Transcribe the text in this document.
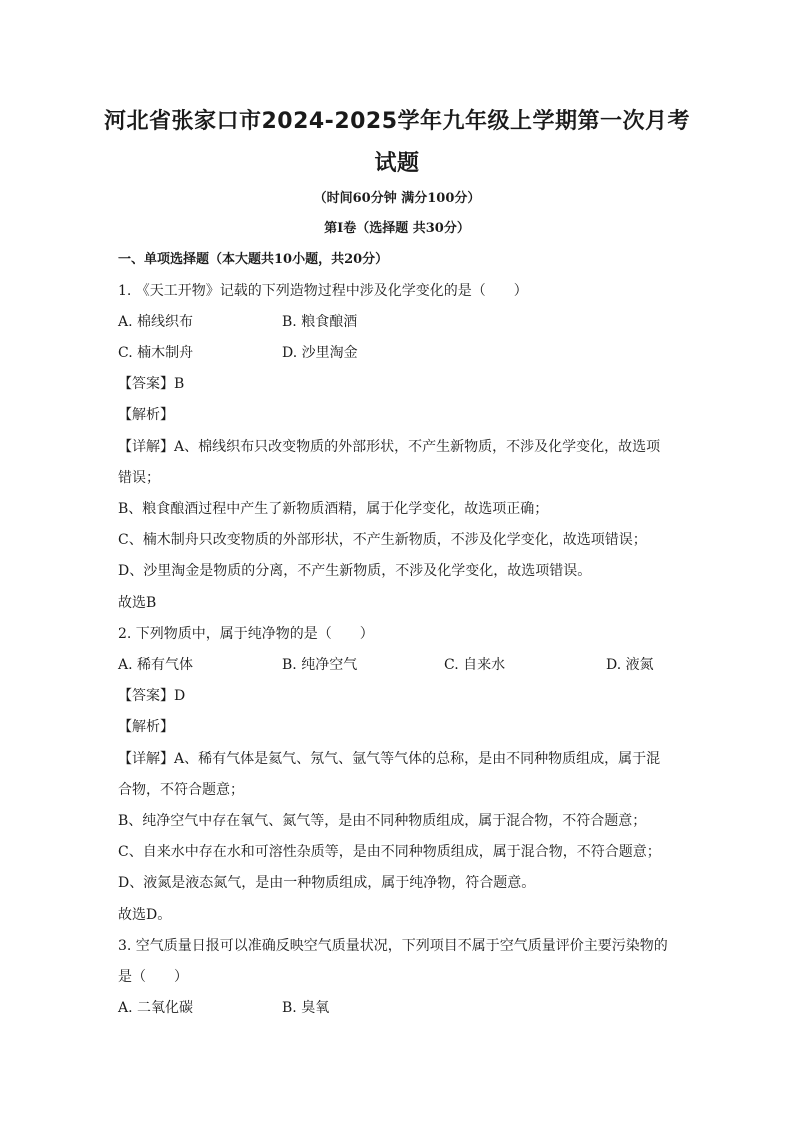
河北省张家口市2024-2025学年九年级上学期第一次月考
试题
（时间60分钟 满分100分）
第Ⅰ卷（选择题 共30分）
一、单项选择题（本大题共10小题，共20分）
1. 《天工开物》记载的下列造物过程中涉及化学变化的是（　　）
A. 棉线织布	B. 粮食酿酒
C. 楠木制舟	D. 沙里淘金
【答案】B
【解析】
【详解】A、棉线织布只改变物质的外部形状，不产生新物质，不涉及化学变化，故选项
错误；
B、粮食酿酒过程中产生了新物质酒精，属于化学变化，故选项正确；
C、楠木制舟只改变物质的外部形状，不产生新物质，不涉及化学变化，故选项错误；
D、沙里淘金是物质的分离，不产生新物质，不涉及化学变化，故选项错误。
故选B
2. 下列物质中，属于纯净物的是（　　）
A. 稀有气体	B. 纯净空气	C. 自来水	D. 液氮
【答案】D
【解析】
【详解】A、稀有气体是氦气、氖气、氩气等气体的总称，是由不同种物质组成，属于混
合物，不符合题意；
B、纯净空气中存在氧气、氮气等，是由不同种物质组成，属于混合物，不符合题意；
C、自来水中存在水和可溶性杂质等，是由不同种物质组成，属于混合物，不符合题意；
D、液氮是液态氮气，是由一种物质组成，属于纯净物，符合题意。
故选D。
3. 空气质量日报可以准确反映空气质量状况，下列项目不属于空气质量评价主要污染物的
是（　　）
A. 二氧化碳	B. 臭氧
